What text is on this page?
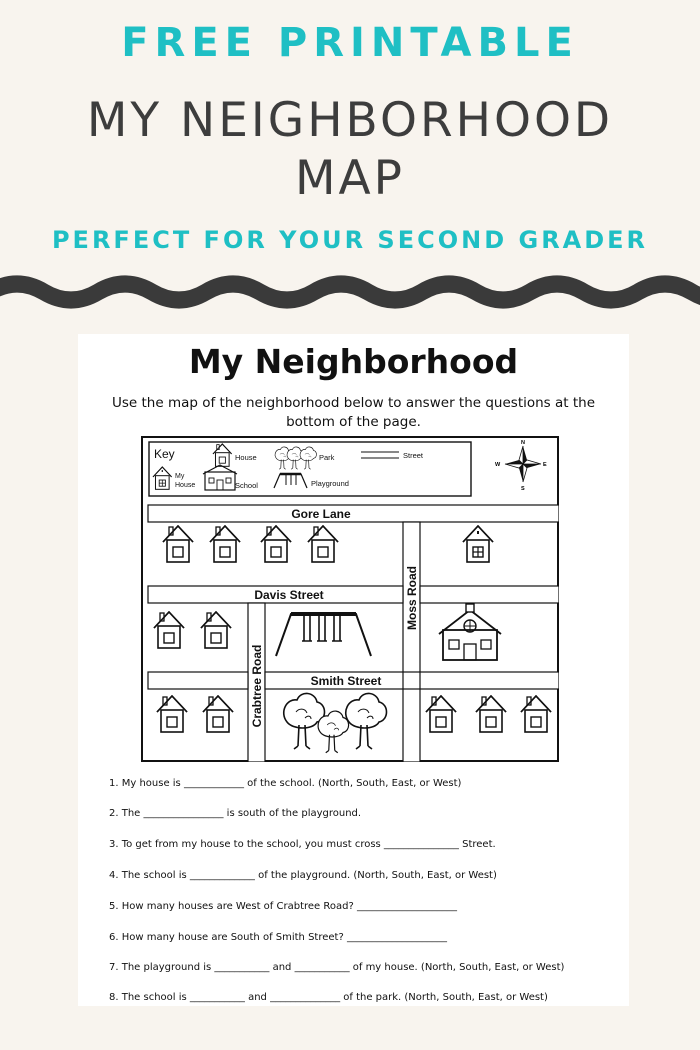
FREE PRINTABLE
MY NEIGHBORHOOD
MAP
PERFECT FOR YOUR SECOND GRADER
My Neighborhood
Use the map of the neighborhood below to answer the questions at the bottom of the page.
Key	House	Park	Street
My
House	School	Playground
N
S
E
W
Gore Lane
Moss Road
Davis Street
Crabtree Road	Smith Street
1. My house is ____________ of the school. (North, South, East, or West)
2. The ________________ is south of the playground.
3. To get from my house to the school, you must cross _______________ Street.
4. The school is _____________ of the playground. (North, South, East, or West)
5. How many houses are West of Crabtree Road? ____________________
6. How many house are South of Smith Street? ____________________
7. The playground is ___________ and ___________ of my house. (North, South, East, or West)
8. The school is ___________ and ______________ of the park. (North, South, East, or West)
